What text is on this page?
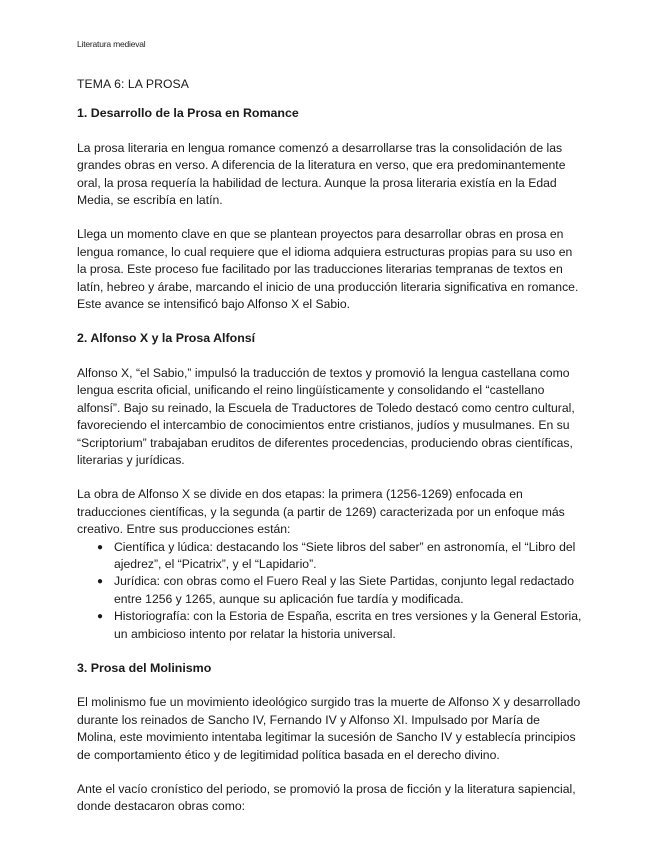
Literatura medieval
TEMA 6: LA PROSA
1. Desarrollo de la Prosa en Romance

La prosa literaria en lengua romance comenzó a desarrollarse tras la consolidación de las grandes obras en verso. A diferencia de la literatura en verso, que era predominantemente oral, la prosa requería la habilidad de lectura. Aunque la prosa literaria existía en la Edad Media, se escribía en latín.

Llega un momento clave en que se plantean proyectos para desarrollar obras en prosa en lengua romance, lo cual requiere que el idioma adquiera estructuras propias para su uso en la prosa. Este proceso fue facilitado por las traducciones literarias tempranas de textos en latín, hebreo y árabe, marcando el inicio de una producción literaria significativa en romance. Este avance se intensificó bajo Alfonso X el Sabio.

2. Alfonso X y la Prosa Alfonsí

Alfonso X, “el Sabio,” impulsó la traducción de textos y promovió la lengua castellana como lengua escrita oficial, unificando el reino lingüísticamente y consolidando el “castellano alfonsí”. Bajo su reinado, la Escuela de Traductores de Toledo destacó como centro cultural, favoreciendo el intercambio de conocimientos entre cristianos, judíos y musulmanes. En su “Scriptorium” trabajaban eruditos de diferentes procedencias, produciendo obras científicas, literarias y jurídicas.

La obra de Alfonso X se divide en dos etapas: la primera (1256-1269) enfocada en traducciones científicas, y la segunda (a partir de 1269) caracterizada por un enfoque más creativo. Entre sus producciones están:

● Científica y lúdica: destacando los “Siete libros del saber” en astronomía, el “Libro del ajedrez”, el “Picatrix”, y el “Lapidario”.
● Jurídica: con obras como el Fuero Real y las Siete Partidas, conjunto legal redactado entre 1256 y 1265, aunque su aplicación fue tardía y modificada.
● Historiografía: con la Estoria de España, escrita en tres versiones y la General Estoria, un ambicioso intento por relatar la historia universal.
3. Prosa del Molinismo

El molinismo fue un movimiento ideológico surgido tras la muerte de Alfonso X y desarrollado durante los reinados de Sancho IV, Fernando IV y Alfonso XI. Impulsado por María de Molina, este movimiento intentaba legitimar la sucesión de Sancho IV y establecía principios de comportamiento ético y de legitimidad política basada en el derecho divino.

Ante el vacío cronístico del periodo, se promovió la prosa de ficción y la literatura sapiencial, donde destacaron obras como:
